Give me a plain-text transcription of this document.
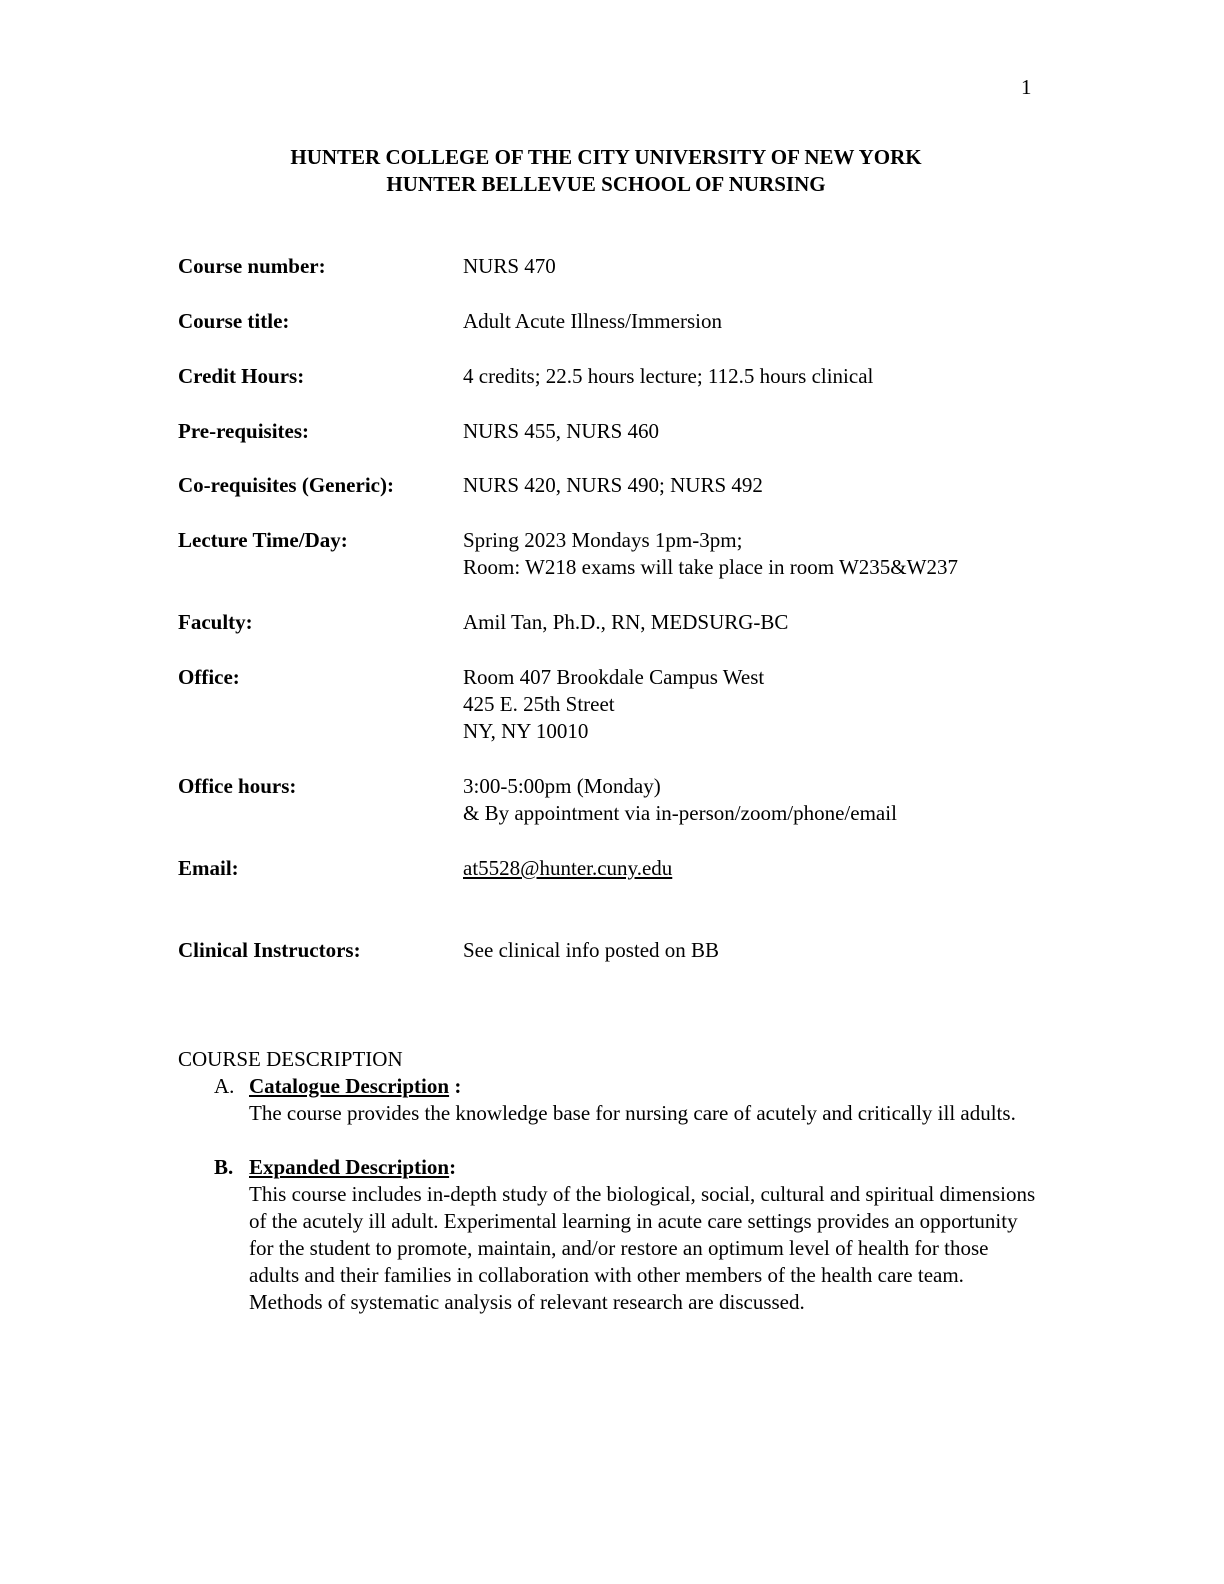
1
HUNTER COLLEGE OF THE CITY UNIVERSITY OF NEW YORK
HUNTER BELLEVUE SCHOOL OF NURSING
Course number:	NURS 470
Course title:	Adult Acute Illness/Immersion
Credit Hours:	4 credits; 22.5 hours lecture; 112.5 hours clinical
Pre-requisites:	NURS 455, NURS 460
Co-requisites (Generic):	NURS 420, NURS 490; NURS 492
Lecture Time/Day:	Spring 2023 Mondays 1pm-3pm;
Room: W218 exams will take place in room W235&W237
Faculty:	Amil Tan, Ph.D., RN, MEDSURG-BC
Office:	Room 407 Brookdale Campus West
425 E. 25th Street
NY, NY 10010
Office hours:	3:00-5:00pm (Monday)
& By appointment via in-person/zoom/phone/email
Email:	at5528@hunter.cuny.edu
Clinical Instructors:	See clinical info posted on BB
COURSE DESCRIPTION
A. Catalogue Description :
The course provides the knowledge base for nursing care of acutely and critically ill adults.
B. Expanded Description:
This course includes in-depth study of the biological, social, cultural and spiritual dimensions of the acutely ill adult. Experimental learning in acute care settings provides an opportunity for the student to promote, maintain, and/or restore an optimum level of health for those adults and their families in collaboration with other members of the health care team. Methods of systematic analysis of relevant research are discussed.
